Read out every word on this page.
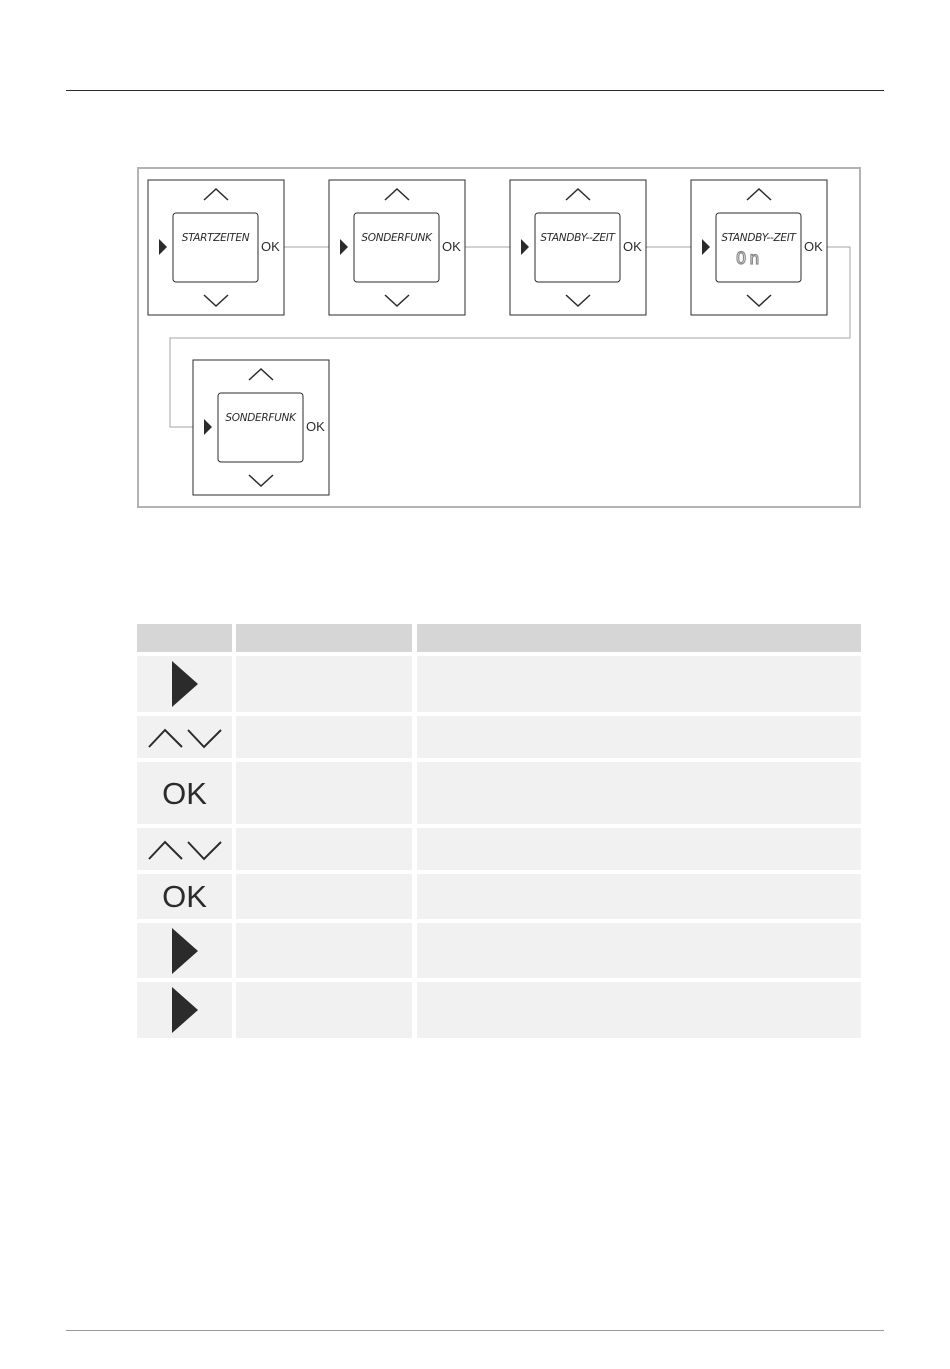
STARTZEITEN
OK
SONDERFUNK
OK
STANDBY--ZEIT
OK
STANDBY--ZEIT
On
OK
SONDERFUNK
OK
OK
OK
